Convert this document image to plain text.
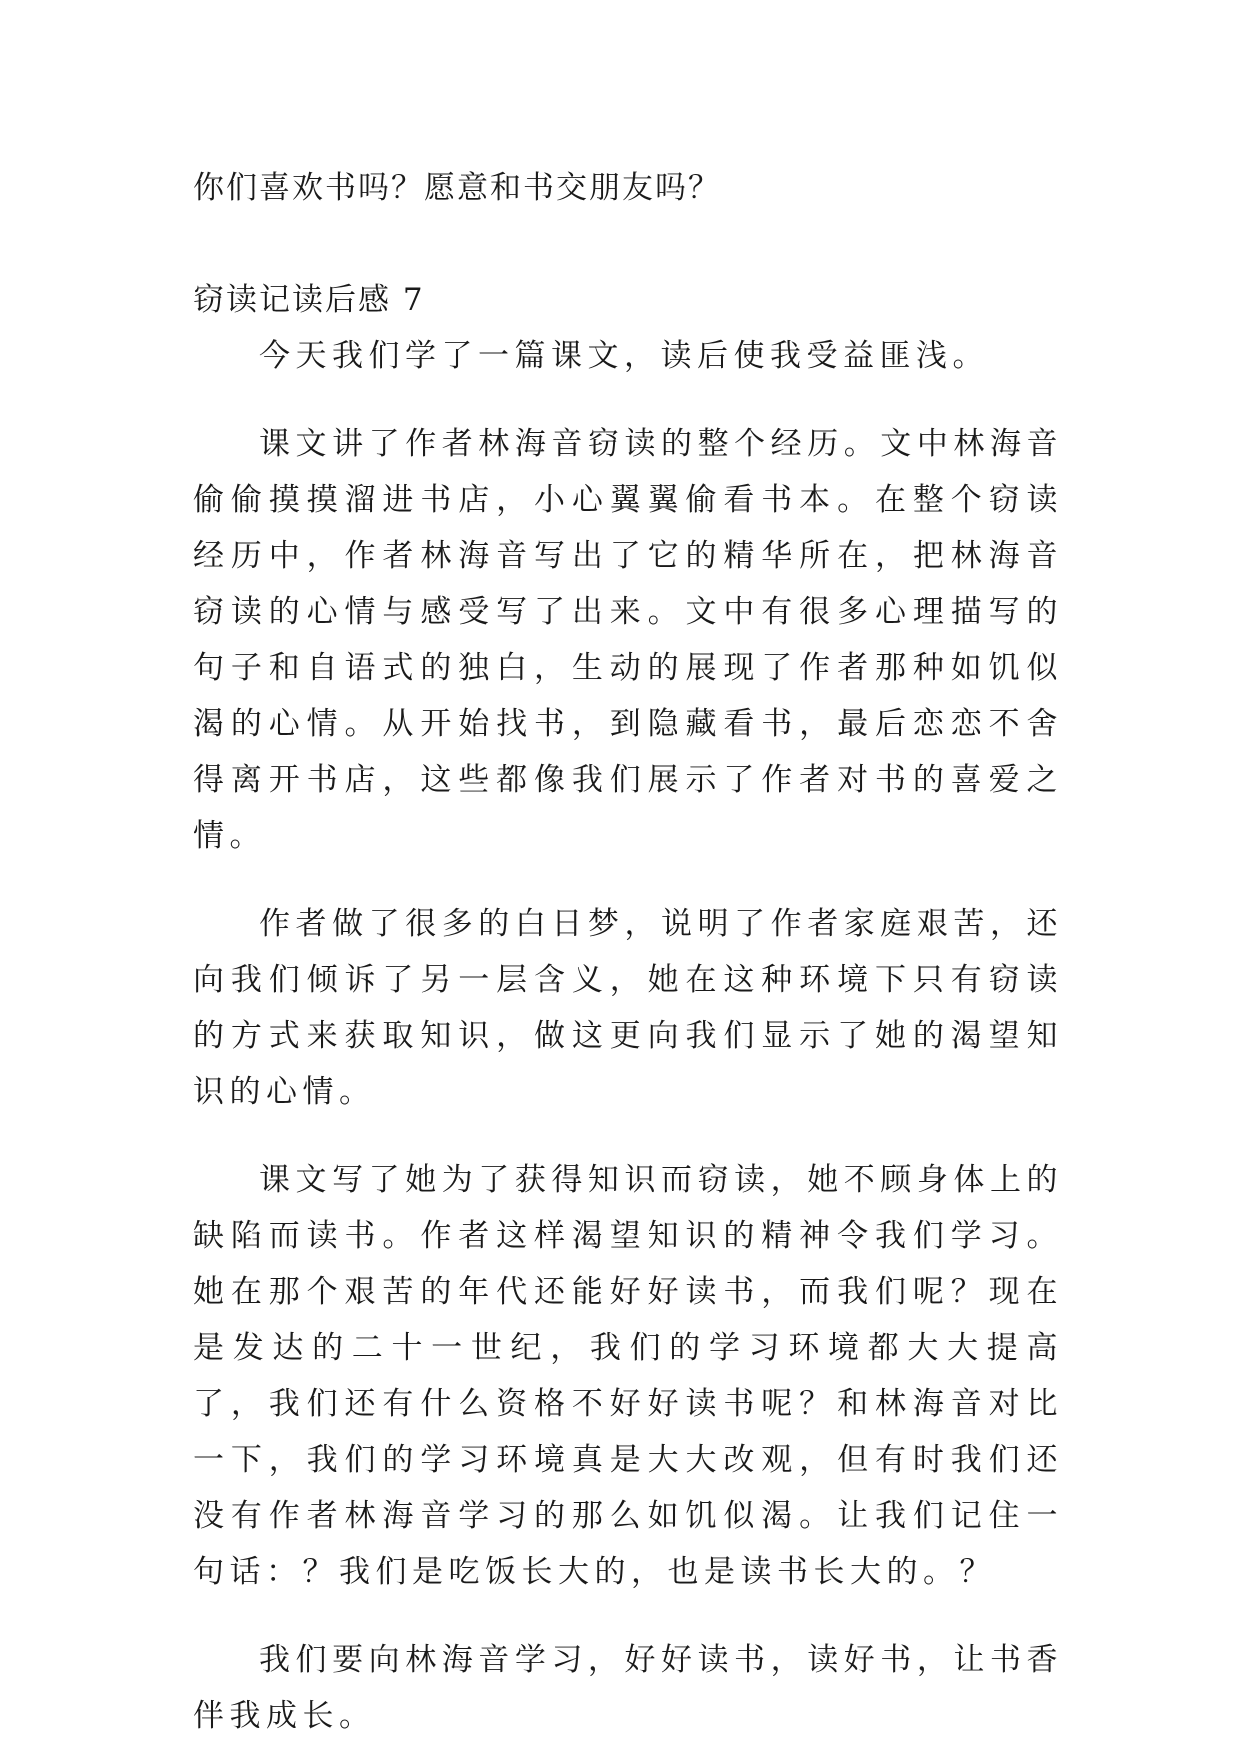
你们喜欢书吗？愿意和书交朋友吗？

窃读记读后感 7

今天我们学了一篇课文，读后使我受益匪浅。

课文讲了作者林海音窃读的整个经历。文中林海音偷偷摸摸溜进书店，小心翼翼偷看书本。在整个窃读经历中，作者林海音写出了它的精华所在，把林海音窃读的心情与感受写了出来。文中有很多心理描写的句子和自语式的独白，生动的展现了作者那种如饥似渴的心情。从开始找书，到隐藏看书，最后恋恋不舍得离开书店，这些都像我们展示了作者对书的喜爱之情。

作者做了很多的白日梦，说明了作者家庭艰苦，还向我们倾诉了另一层含义，她在这种环境下只有窃读的方式来获取知识，做这更向我们显示了她的渴望知识的心情。

课文写了她为了获得知识而窃读，她不顾身体上的缺陷而读书。作者这样渴望知识的精神令我们学习。她在那个艰苦的年代还能好好读书，而我们呢？现在是发达的二十一世纪，我们的学习环境都大大提高了，我们还有什么资格不好好读书呢？和林海音对比一下，我们的学习环境真是大大改观，但有时我们还没有作者林海音学习的那么如饥似渴。让我们记住一句话：？我们是吃饭长大的，也是读书长大的。？

我们要向林海音学习，好好读书，读好书，让书香伴我成长。
